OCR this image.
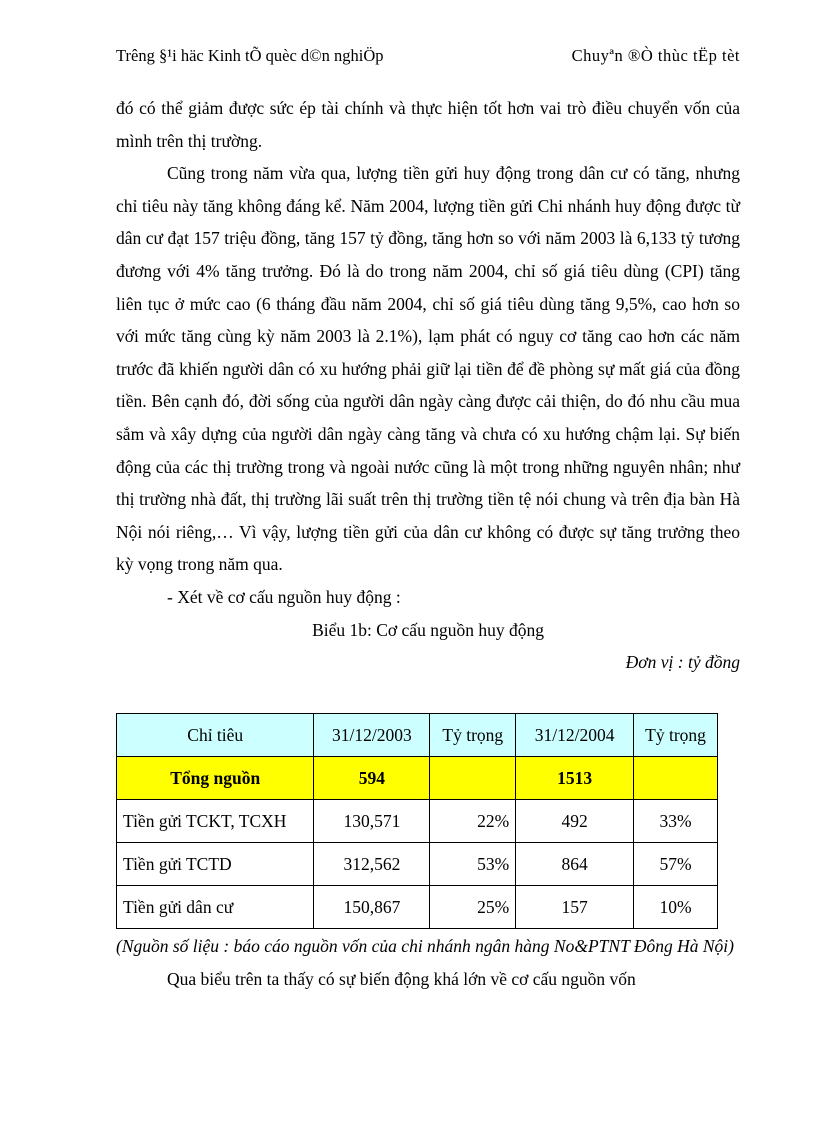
Trêng §¹i häc Kinh tÕ quèc d©n nghiÖp	Chuyªn ®Ò thùc tËp tèt

đó có thể giảm được sức ép tài chính và thực hiện tốt hơn vai trò điều chuyển vốn của mình trên thị trường.

Cũng trong năm vừa qua, lượng tiền gửi huy động trong dân cư có tăng, nhưng chỉ tiêu này tăng không đáng kể. Năm 2004, lượng tiền gửi Chi nhánh huy động được từ dân cư đạt 157 triệu đồng, tăng 157 tỷ đồng, tăng hơn so với năm 2003 là 6,133 tỷ tương đương với 4% tăng trưởng. Đó là do trong năm 2004, chỉ số giá tiêu dùng (CPI) tăng liên tục ở mức cao (6 tháng đầu năm 2004, chỉ số giá tiêu dùng tăng 9,5%, cao hơn so với mức tăng cùng kỳ năm 2003 là 2.1%), lạm phát có nguy cơ tăng cao hơn các năm trước đã khiến người dân có xu hướng phải giữ lại tiền để đề phòng sự mất giá của đồng tiền. Bên cạnh đó, đời sống của người dân ngày càng được cải thiện, do đó nhu cầu mua sắm và xây dựng của người dân ngày càng tăng và chưa có xu hướng chậm lại. Sự biến động của các thị trường trong và ngoài nước cũng là một trong những nguyên nhân; như thị trường nhà đất, thị trường lãi suất trên thị trường tiền tệ nói chung và trên địa bàn Hà Nội nói riêng,… Vì vậy, lượng tiền gửi của dân cư không có được sự tăng trưởng theo kỳ vọng trong năm qua.

- Xét về cơ cấu nguồn huy động :

Biểu 1b: Cơ cấu nguồn huy động

Đơn vị : tỷ đồng

Chỉ tiêu	31/12/2003	Tỷ trọng	31/12/2004	Tỷ trọng
Tổng nguồn	594		1513	
Tiền gửi TCKT, TCXH	130,571	22%	492	33%
Tiền gửi TCTD	312,562	53%	864	57%
Tiền gửi dân cư	150,867	25%	157	10%

(Nguồn số liệu : báo cáo nguồn vốn của chi nhánh ngân hàng No&PTNT Đông Hà Nội)

Qua biểu trên ta thấy có sự biến động khá lớn về cơ cấu nguồn vốn
